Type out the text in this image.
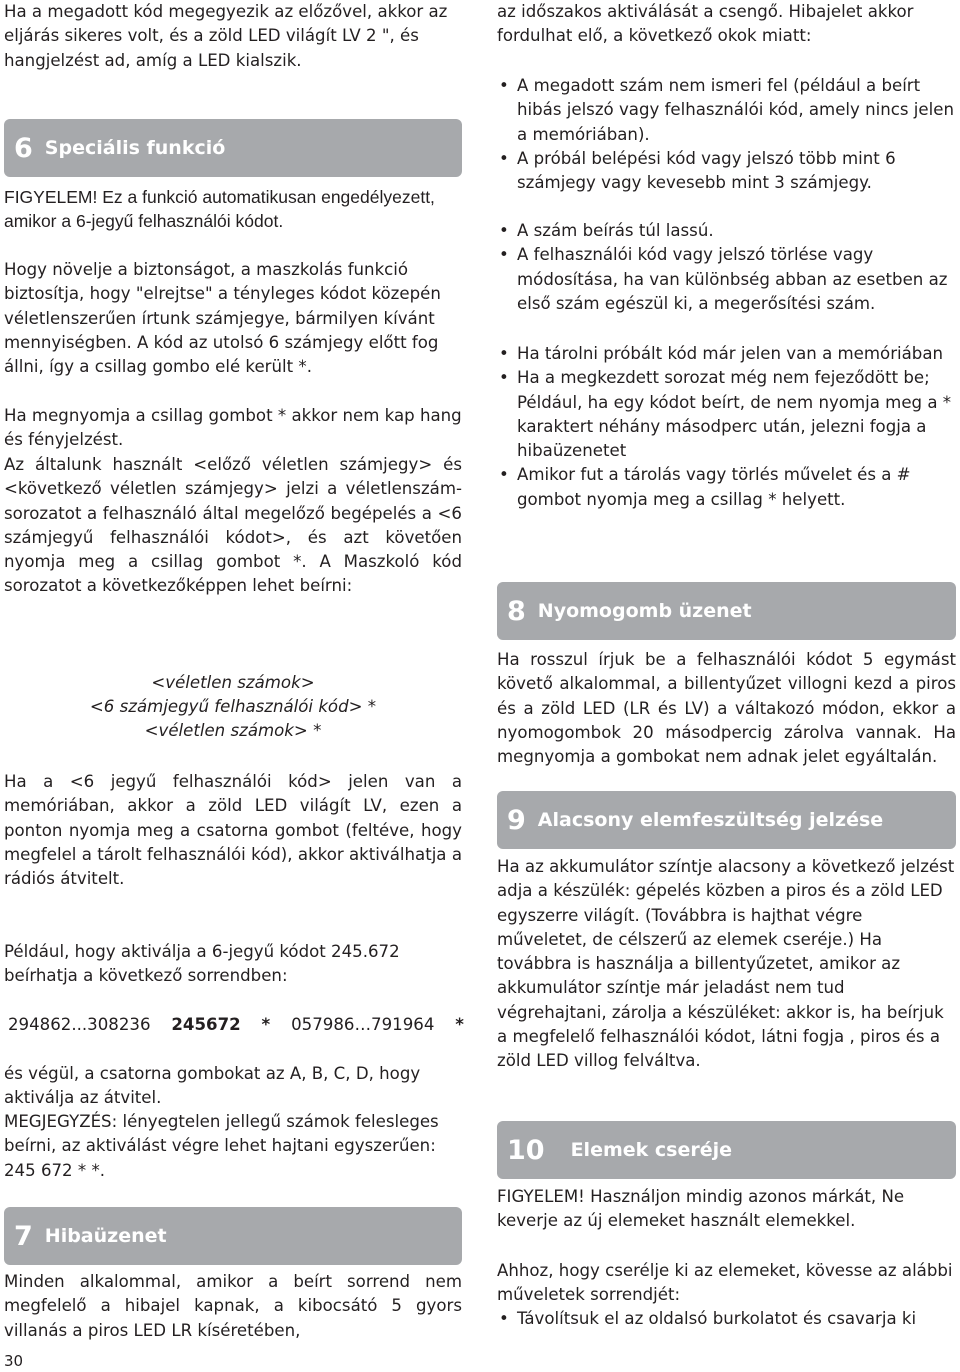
Ha a megadott kód megegyezik az előzővel, akkor az eljárás sikeres volt, és a zöld LED világít LV 2 ", és hangjelzést ad, amíg a LED kialszik.

6 Speciális funkció

FIGYELEM! Ez a funkció automatikusan engedélyezett, amikor a 6-jegyű felhasználói kódot.

Hogy növelje a biztonságot, a maszkolás funkció biztosítja, hogy "elrejtse" a tényleges kódot közepén véletlenszerűen írtunk számjegye, bármilyen kívánt mennyiségben. A kód az utolsó 6 számjegy előtt fog állni, így a csillag gombo elé került *.

Ha megnyomja a csillag gombot * akkor nem kap hang és fényjelzést.

Az általunk használt <előző véletlen számjegy> és <következő véletlen számjegy> jelzi a véletlenszámsorozatot a felhasználó által megelőző begépelés a <6 számjegyű felhasználói kódot>, és azt követően nyomja meg a csillag gombot *. A Maszkoló kód sorozatot a következőképpen lehet beírni:

<véletlen számok>

<6 számjegyű felhasználói kód> *

<véletlen számok> *

Ha a <6 jegyű felhasználói kód> jelen van a memóriában, akkor a zöld LED világít LV, ezen a ponton nyomja meg a csatorna gombot (feltéve, hogy megfelel a tárolt felhasználói kód), akkor aktiválhatja a rádiós átvitelt.

Például, hogy aktiválja a 6-jegyű kódot 245.672 beírhatja a következő sorrendben:

294862...308236 245672 * 057986…791964 *

és végül, a csatorna gombokat az A, B, C, D, hogy aktiválja az átvitel.

MEGJEGYZÉS: lényegtelen jellegű számok felesleges beírni, az aktiválást végre lehet hajtani egyszerűen: 245 672 * *.

7 Hibaüzenet

Minden alkalommal, amikor a beírt sorrend nem megfelelő a hibajel kapnak, a kibocsátó 5 gyors villanás a piros LED LR kíséretében,

30

az időszakos aktiválását a csengő. Hibajelet akkor fordulhat elő, a következő okok miatt:

• A megadott szám nem ismeri fel (például a beírt hibás jelszó vagy felhasználói kód, amely nincs jelen a memóriában).
• A próbál belépési kód vagy jelszó több mint 6 számjegy vagy kevesebb mint 3 számjegy.
• A szám beírás túl lassú.
• A felhasználói kód vagy jelszó törlése vagy módosítása, ha van különbség abban az esetben az első szám egészül ki, a megerősítési szám.
• Ha tárolni próbált kód már jelen van a memóriában
• Ha a megkezdett sorozat még nem fejeződött be; Például, ha egy kódot beírt, de nem nyomja meg a * karaktert néhány másodperc után, jelezni fogja a hibaüzenetet
• Amikor fut a tárolás vagy törlés művelet és a # gombot nyomja meg a csillag * helyett.
8 Nyomogomb üzenet

Ha rosszul írjuk be a felhasználói kódot 5 egymást követő alkalommal, a billentyűzet villogni kezd a piros és a zöld LED (LR és LV) a váltakozó módon, ekkor a nyomogombok 20 másodpercig zárolva vannak. Ha megnyomja a gombokat nem adnak jelet egyáltalán.

9 Alacsony elemfeszültség jelzése

Ha az akkumulátor színtje alacsony a következő jelzést adja a készülék: gépelés közben a piros és a zöld LED egyszerre világít. (Továbbra is hajthat végre műveletet, de célszerű az elemek cseréje.) Ha továbbra is használja a billentyűzetet, amikor az akkumulátor színtje már jeladást nem tud végrehajtani, zárolja a készüléket: akkor is, ha beírjuk a megfelelő felhasználói kódot, látni fogja , piros és a zöld LED villog felváltva.

10 Elemek cseréje

FIGYELEM! Használjon mindig azonos márkát, Ne keverje az új elemeket használt elemekkel.

Ahhoz, hogy cserélje ki az elemeket, kövesse az alábbi műveletek sorrendjét:

• Távolítsuk el az oldalsó burkolatot és csavarja ki
